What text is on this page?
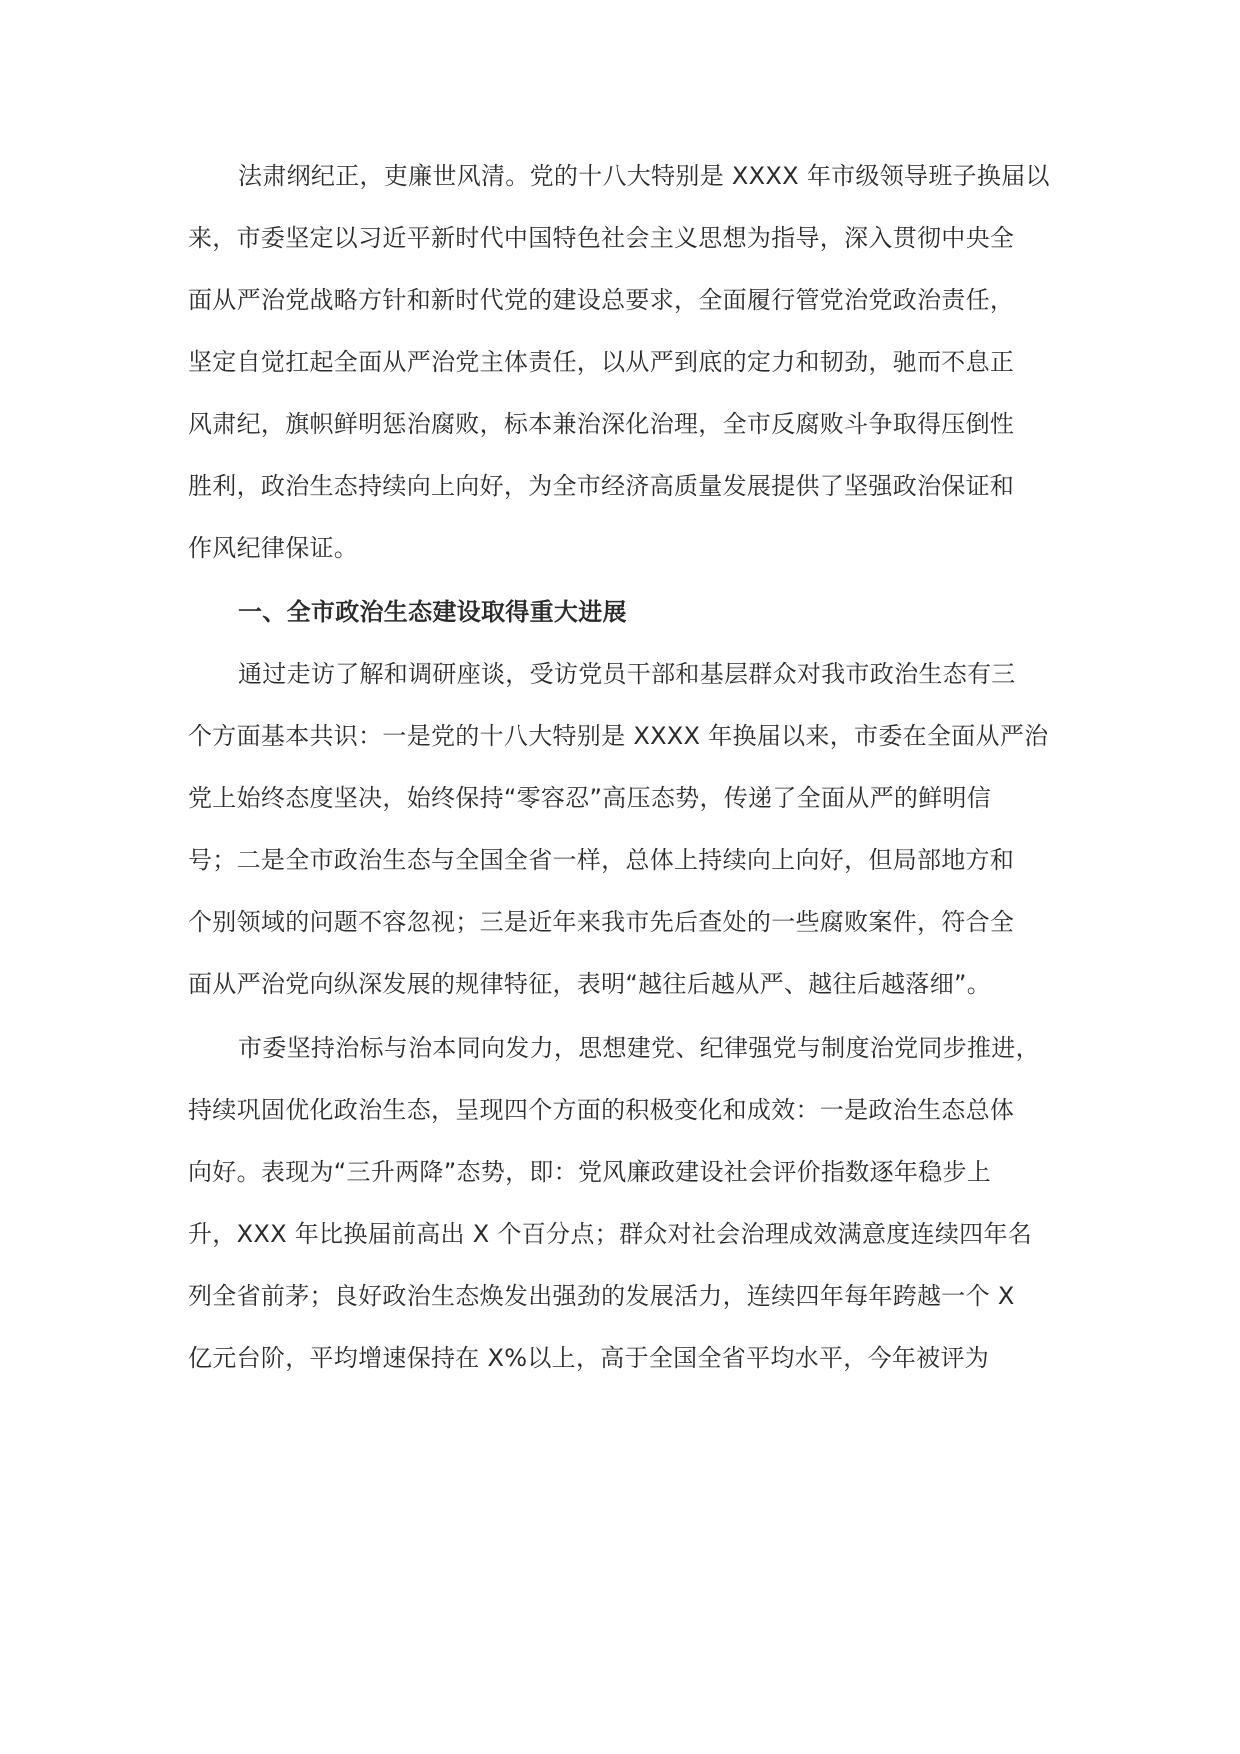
法肃纲纪正，吏廉世风清。党的十八大特别是 XXXX 年市级领导班子换届以
来，市委坚定以习近平新时代中国特色社会主义思想为指导，深入贯彻中央全
面从严治党战略方针和新时代党的建设总要求，全面履行管党治党政治责任，
坚定自觉扛起全面从严治党主体责任，以从严到底的定力和韧劲，驰而不息正
风肃纪，旗帜鲜明惩治腐败，标本兼治深化治理，全市反腐败斗争取得压倒性
胜利，政治生态持续向上向好，为全市经济高质量发展提供了坚强政治保证和
作风纪律保证。
一、全市政治生态建设取得重大进展
通过走访了解和调研座谈，受访党员干部和基层群众对我市政治生态有三
个方面基本共识：一是党的十八大特别是 XXXX 年换届以来，市委在全面从严治
党上始终态度坚决，始终保持“零容忍”高压态势，传递了全面从严的鲜明信
号；二是全市政治生态与全国全省一样，总体上持续向上向好，但局部地方和
个别领域的问题不容忽视；三是近年来我市先后查处的一些腐败案件，符合全
面从严治党向纵深发展的规律特征，表明“越往后越从严、越往后越落细”。
市委坚持治标与治本同向发力，思想建党、纪律强党与制度治党同步推进，
持续巩固优化政治生态，呈现四个方面的积极变化和成效：一是政治生态总体
向好。表现为“三升两降”态势，即：党风廉政建设社会评价指数逐年稳步上
升，XXX 年比换届前高出 X 个百分点；群众对社会治理成效满意度连续四年名
列全省前茅；良好政治生态焕发出强劲的发展活力，连续四年每年跨越一个 X
亿元台阶，平均增速保持在 X%以上，高于全国全省平均水平，今年被评为
